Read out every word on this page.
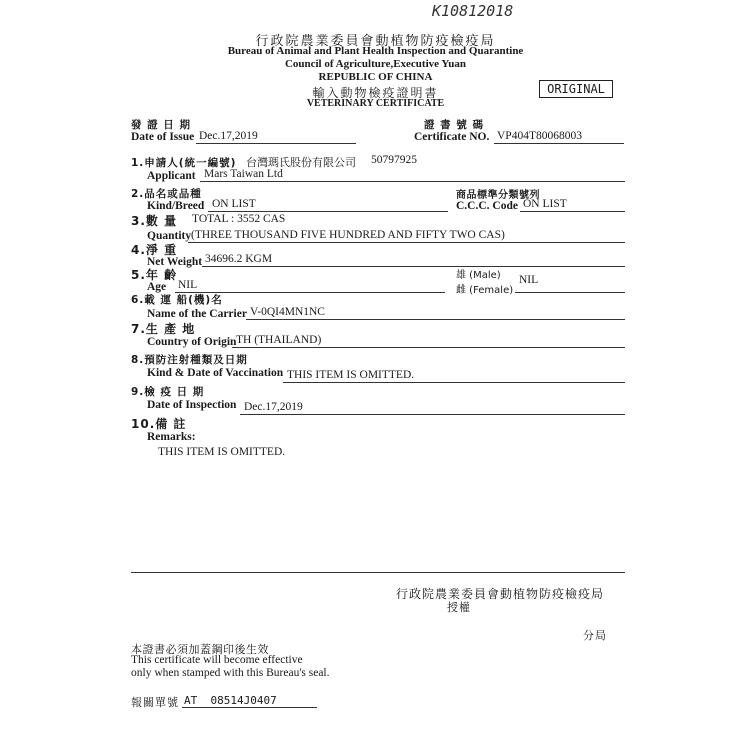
K10812018
行政院農業委員會動植物防疫檢疫局
Bureau of Animal and Plant Health Inspection and Quarantine
Council of Agriculture,Executive Yuan
REPUBLIC OF CHINA
輸入動物檢疫證明書
VETERINARY CERTIFICATE
ORIGINAL
發 證 日 期
Date of Issue Dec.17,2019
證 書 號 碼
Certificate NO. VP404T80068003
1.申請人(統一編號) 台灣瑪氏股份有限公司 50797925
Applicant Mars Taiwan Ltd
2.品名或品種
Kind/Breed ON LIST
商品標準分類號列
C.C.C. Code ON LIST
3.數 量 TOTAL : 3552 CAS
Quantity (THREE THOUSAND FIVE HUNDRED AND FIFTY TWO CAS)
4.淨 重
Net Weight 34696.2 KGM
5.年 齡
Age NIL
雄 (Male)
雌 (Female)
NIL
6.載 運 船(機)名
Name of the Carrier V-0QI4MN1NC
7.生 產 地
Country of Origin TH (THAILAND)
8.預防注射種類及日期
Kind & Date of Vaccination THIS ITEM IS OMITTED.
9.檢 疫 日 期
Date of Inspection Dec.17,2019
10.備 註
Remarks:
THIS ITEM IS OMITTED.
行政院農業委員會動植物防疫檢疫局
授權
分局
本證書必須加蓋鋼印後生效
This certificate will become effective
only when stamped with this Bureau's seal.
報關單號 AT  08514J0407
